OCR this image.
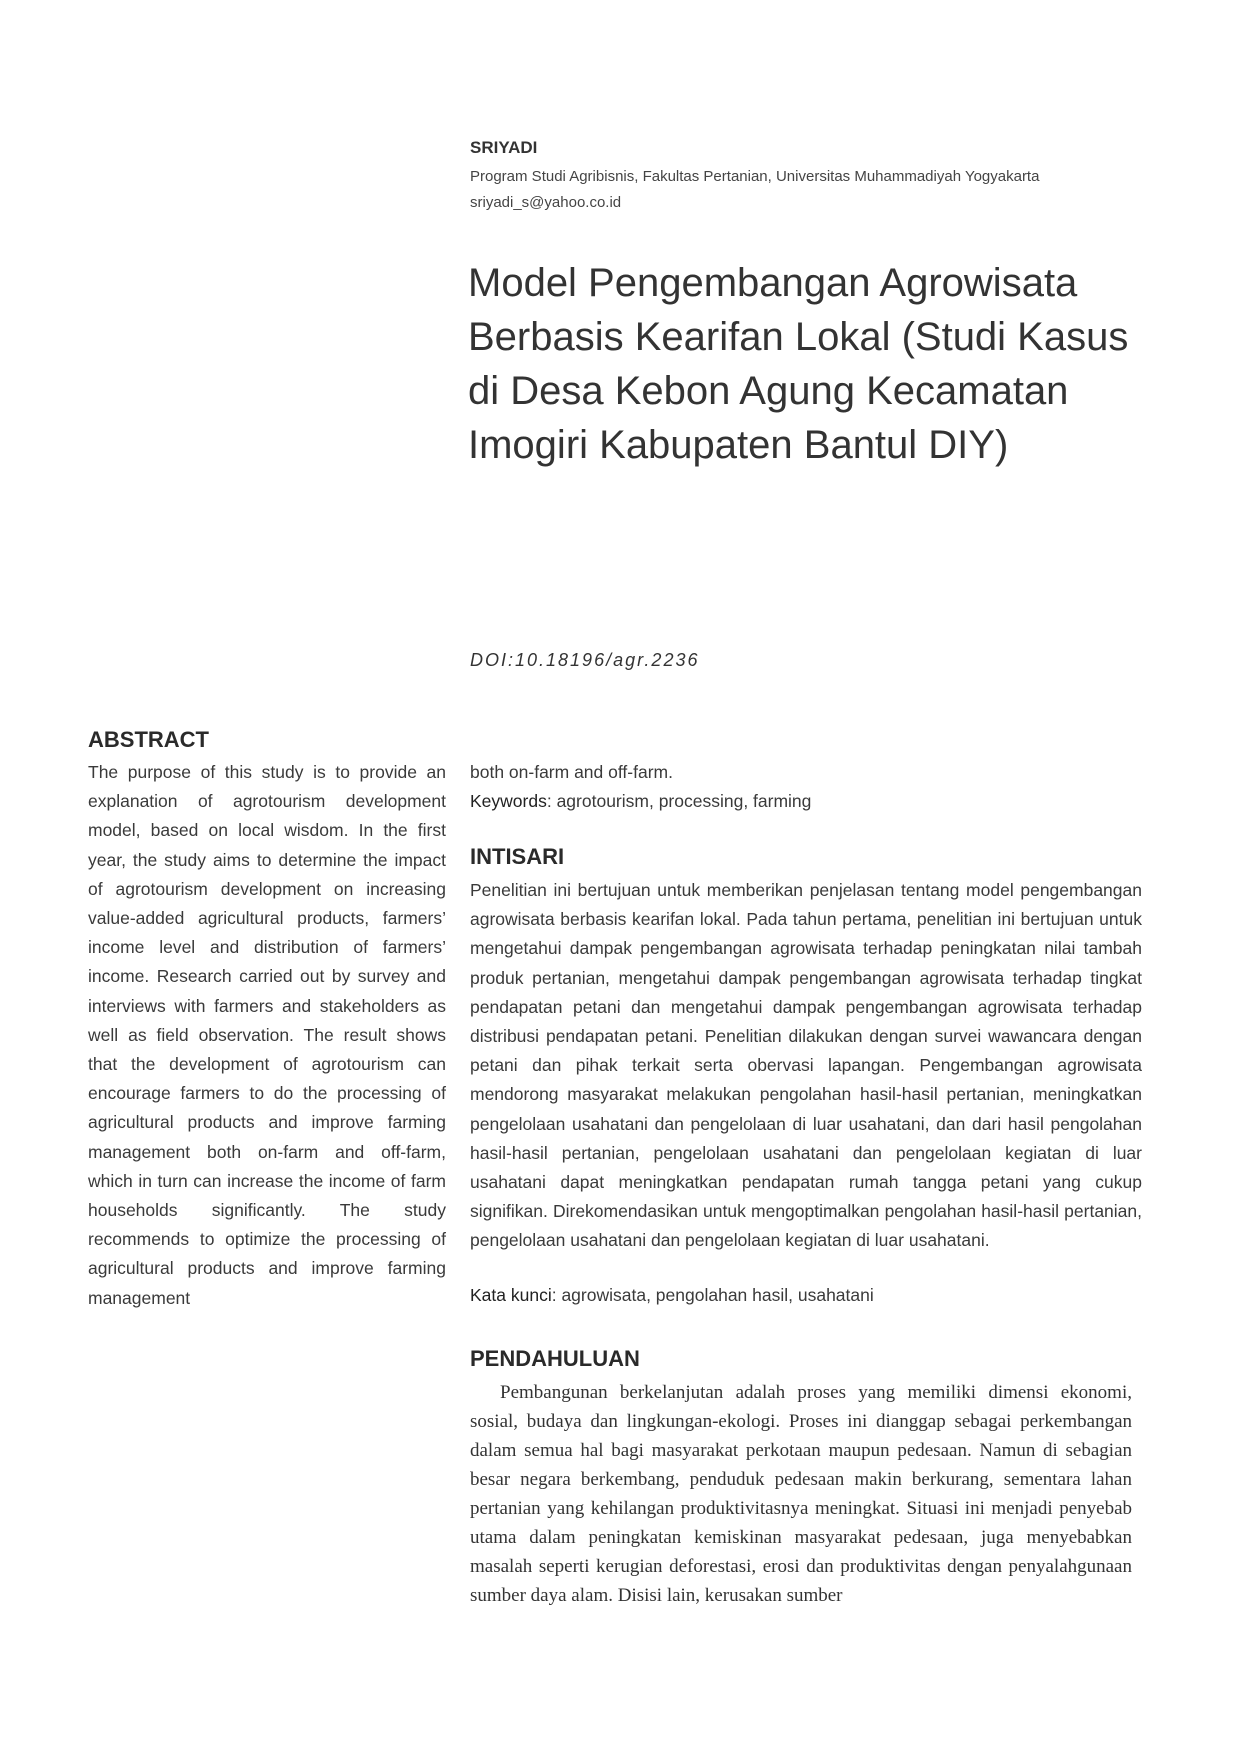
SRIYADI

Program Studi Agribisnis, Fakultas Pertanian, Universitas Muhammadiyah Yogyakarta

sriyadi_s@yahoo.co.id

Model Pengembangan Agrowisata
Berbasis Kearifan Lokal (Studi Kasus
di Desa Kebon Agung Kecamatan
Imogiri Kabupaten Bantul DIY)

DOI:10.18196/agr.2236

ABSTRACT

The purpose of this study is to provide an explanation of agrotourism development model, based on local wisdom. In the first year, the study aims to determine the impact of agrotourism development on increasing value-added agricultural products, farmers’ income level and distribution of farmers’ income. Research carried out by survey and interviews with farmers and stakeholders as well as field observation. The result shows that the development of agrotourism can encourage farmers to do the processing of agricultural products and improve farming management both on-farm and off-farm, which in turn can increase the income of farm households significantly. The study recommends to optimize the processing of agricultural products and improve farming management

both on-farm and off-farm.

Keywords: agrotourism, processing, farming

INTISARI

Penelitian ini bertujuan untuk memberikan penjelasan tentang model pengembangan agrowisata berbasis kearifan lokal. Pada tahun pertama, penelitian ini bertujuan untuk mengetahui dampak pengembangan agrowisata terhadap peningkatan nilai tambah produk pertanian, mengetahui dampak pengembangan agrowisata terhadap tingkat pendapatan petani dan mengetahui dampak pengembangan agrowisata terhadap distribusi pendapatan petani. Penelitian dilakukan dengan survei wawancara dengan petani dan pihak terkait serta obervasi lapangan. Pengembangan agrowisata mendorong masyarakat melakukan pengolahan hasil-hasil pertanian, meningkatkan pengelolaan usahatani dan pengelolaan di luar usahatani, dan dari hasil pengolahan hasil-hasil pertanian, pengelolaan usahatani dan pengelolaan kegiatan di luar usahatani dapat meningkatkan pendapatan rumah tangga petani yang cukup signifikan. Direkomendasikan untuk mengoptimalkan pengolahan hasil-hasil pertanian, pengelolaan usahatani dan pengelolaan kegiatan di luar usahatani.

Kata kunci: agrowisata, pengolahan hasil, usahatani

PENDAHULUAN

Pembangunan berkelanjutan adalah proses yang memiliki dimensi ekonomi, sosial, budaya dan lingkungan-ekologi. Proses ini dianggap sebagai perkembangan dalam semua hal bagi masyarakat perkotaan maupun pedesaan. Namun di sebagian besar negara berkembang, penduduk pedesaan makin berkurang, sementara lahan pertanian yang kehilangan produktivitasnya meningkat. Situasi ini menjadi penyebab utama dalam peningkatan kemiskinan masyarakat pedesaan, juga menyebabkan masalah seperti kerugian deforestasi, erosi dan produktivitas dengan penyalahgunaan sumber daya alam. Disisi lain, kerusakan sumber
